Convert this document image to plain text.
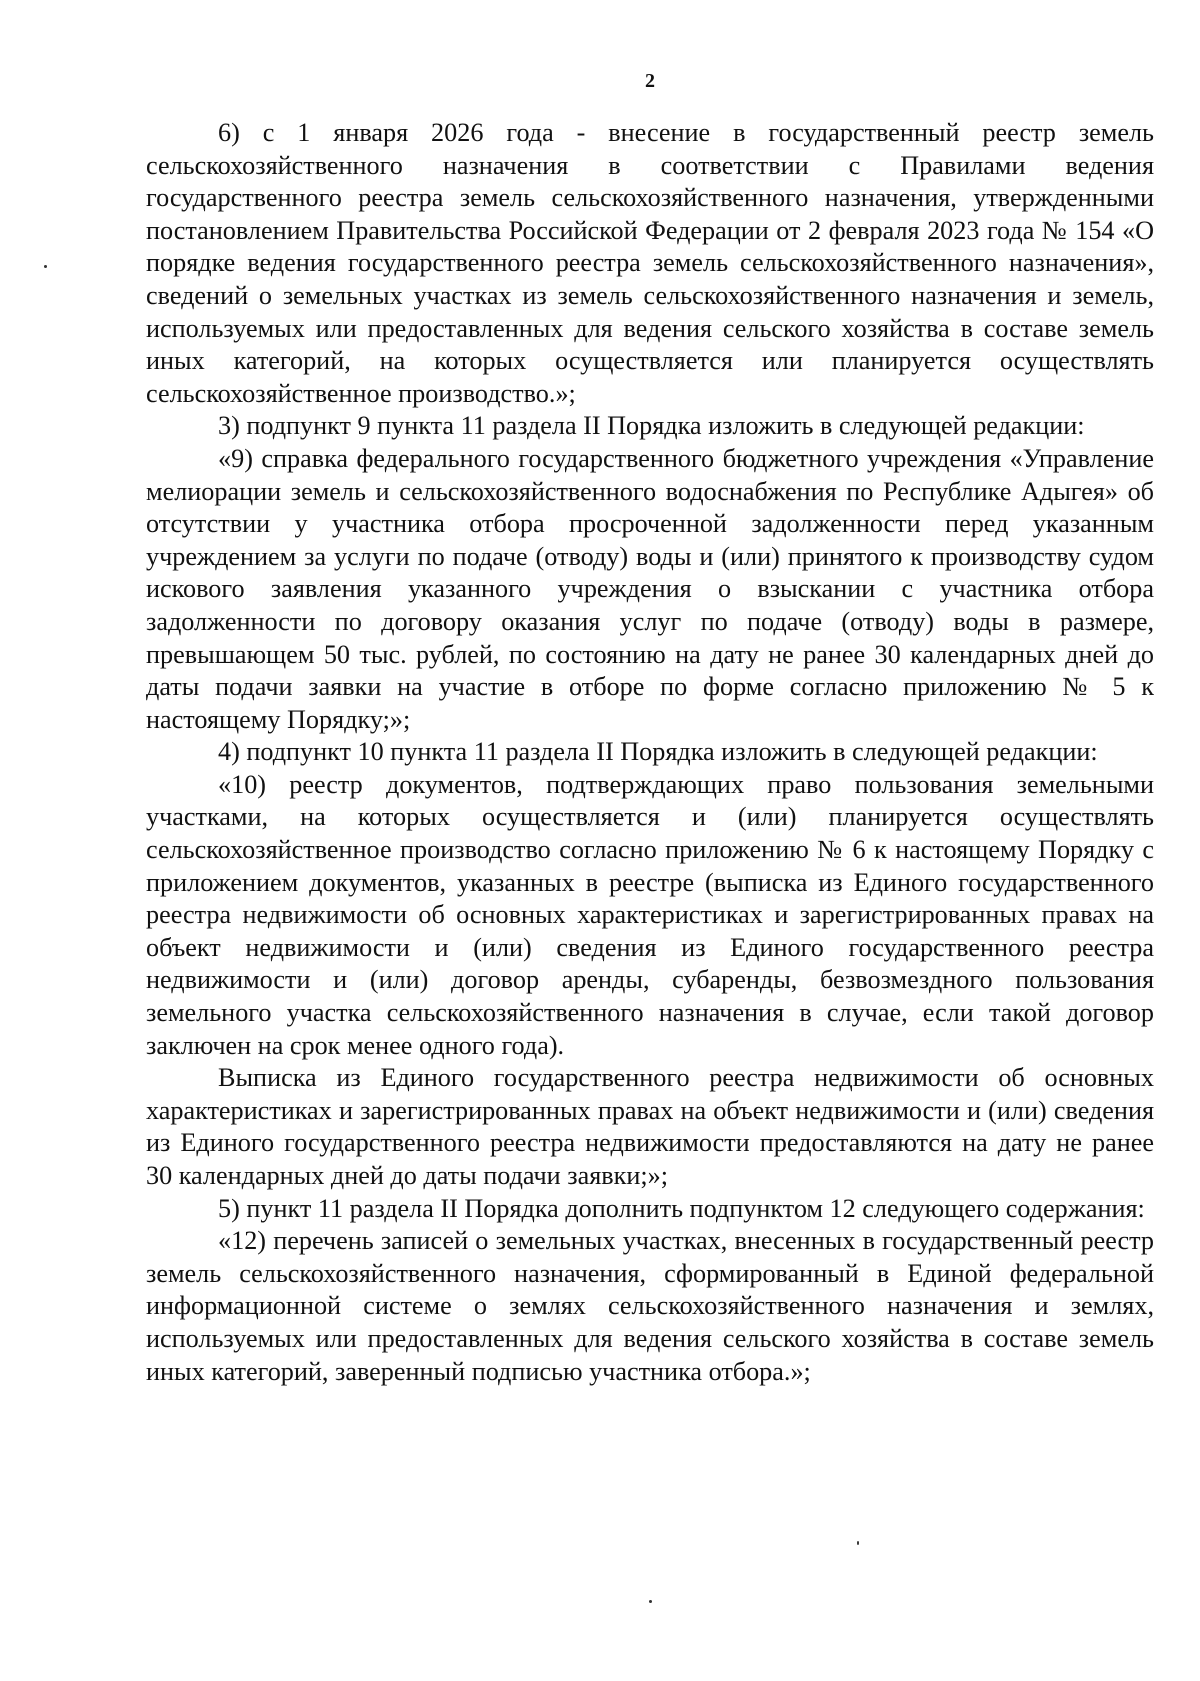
2

6) с 1 января 2026 года - внесение в государственный реестр земель сельскохозяйственного назначения в соответствии с Правилами ведения государственного реестра земель сельскохозяйственного назначения, утвержденными постановлением Правительства Российской Федерации от 2 февраля 2023 года № 154 «О порядке ведения государственного реестра земель сельскохозяйственного назначения», сведений о земельных участках из земель сельскохозяйственного назначения и земель, используемых или предоставленных для ведения сельского хозяйства в составе земель иных категорий, на которых осуществляется или планируется осуществлять сельскохозяйственное производство.»;

3) подпункт 9 пункта 11 раздела II Порядка изложить в следующей редакции:

«9) справка федерального государственного бюджетного учреждения «Управление мелиорации земель и сельскохозяйственного водоснабжения по Республике Адыгея» об отсутствии у участника отбора просроченной задолженности перед указанным учреждением за услуги по подаче (отводу) воды и (или) принятого к производству судом искового заявления указанного учреждения о взыскании с участника отбора задолженности по договору оказания услуг по подаче (отводу) воды в размере, превышающем 50 тыс. рублей, по состоянию на дату не ранее 30 календарных дней до даты подачи заявки на участие в отборе по форме согласно приложению № 5 к настоящему Порядку;»;

4) подпункт 10 пункта 11 раздела II Порядка изложить в следующей редакции:

«10) реестр документов, подтверждающих право пользования земельными участками, на которых осуществляется и (или) планируется осуществлять сельскохозяйственное производство согласно приложению № 6 к настоящему Порядку с приложением документов, указанных в реестре (выписка из Единого государственного реестра недвижимости об основных характеристиках и зарегистрированных правах на объект недвижимости и (или) сведения из Единого государственного реестра недвижимости и (или) договор аренды, субаренды, безвозмездного пользования земельного участка сельскохозяйственного назначения в случае, если такой договор заключен на срок менее одного года).

Выписка из Единого государственного реестра недвижимости об основных характеристиках и зарегистрированных правах на объект недвижимости и (или) сведения из Единого государственного реестра недвижимости предоставляются на дату не ранее 30 календарных дней до даты подачи заявки;»;

5) пункт 11 раздела II Порядка дополнить подпунктом 12 следующего содержания:

«12) перечень записей о земельных участках, внесенных в государственный реестр земель сельскохозяйственного назначения, сформированный в Единой федеральной информационной системе о землях сельскохозяйственного назначения и землях, используемых или предоставленных для ведения сельского хозяйства в составе земель иных категорий, заверенный подписью участника отбора.»;
